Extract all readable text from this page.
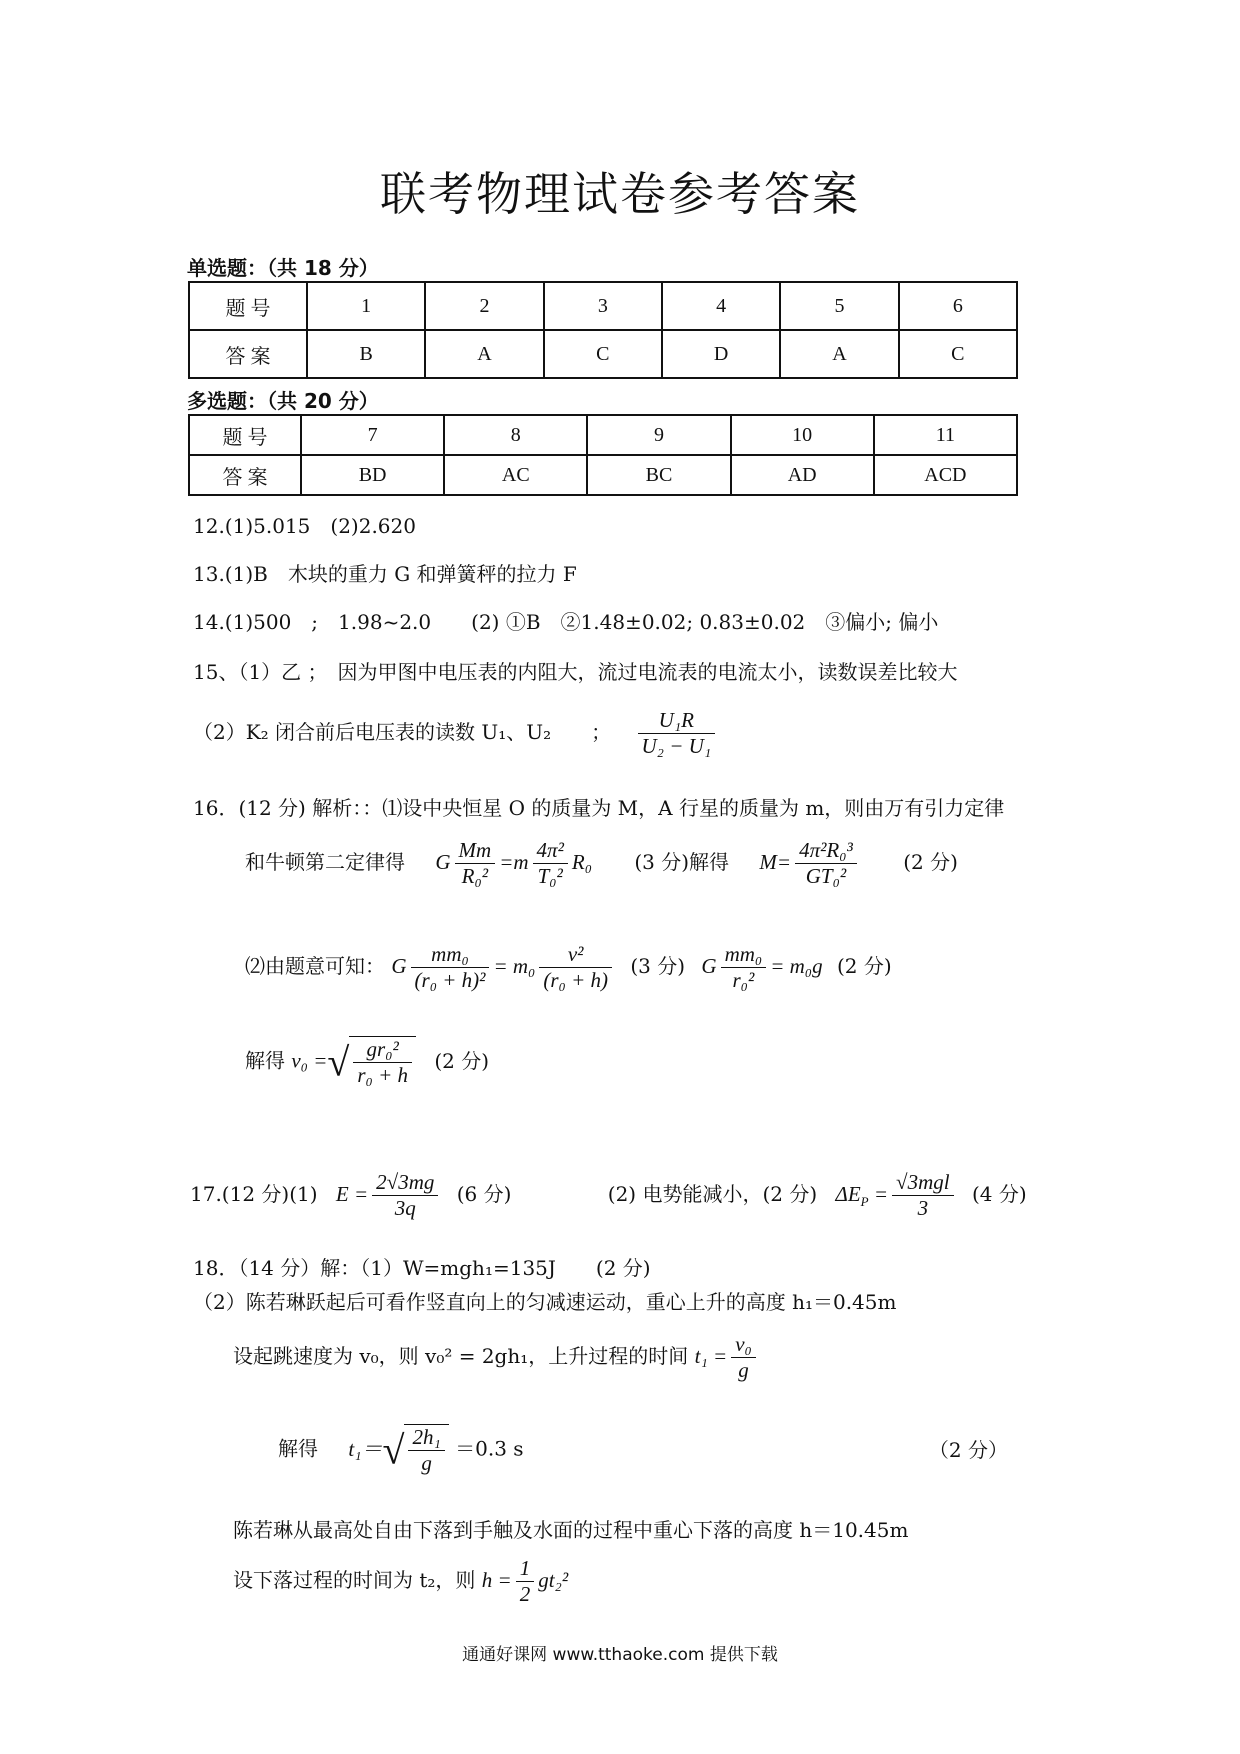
联考物理试卷参考答案
单选题：（共 18 分）
题 号	1	2	3	4	5	6
答 案	B	A	C	D	A	C
多选题：（共 20 分）
题 号	7	8	9	10	11
答 案	BD	AC	BC	AD	ACD
12.(1)5.015　(2)2.620
13.(1)B　木块的重力 G 和弹簧秤的拉力 F
14.(1)500　;　1.98~2.0　　(2) ①B　②1.48±0.02; 0.83±0.02　③偏小; 偏小
15、（1）乙 ；　因为甲图中电压表的内阻大，流过电流表的电流太小，读数误差比较大
（2）K₂ 闭合前后电压表的读数 U₁、U₂　　； $\frac{\text{U₁R}}{\text{U₂ − U₁}}$
16．(12 分) 解析：：⑴设中央恒星 O 的质量为 M，A 行星的质量为 m，则由万有引力定律
和牛顿第二定律得 G $\frac{Mm}{\text{R₀²}} =m \frac{\text{4π²}}{\text{T₀²}} R_0$ (3 分)解得 $M= \frac{\text{4π²R₀³}}{\text{GT₀²}} (2$ 分)
⑵由题意可知： G $\frac{\text{mm₀}}{\text{(r₀ + h)²}} = m_0 \frac{\text{v²}}{\text{(r₀ + h)}} (3$ 分) G $\frac{\text{mm₀}}{\text{r₀²}} = m_0g$ (2 分)
解得 v₀ =√ $\frac{\text{gr₀²}}{\text{r₀ + h}} (2$ 分)
17.(12 分)(1) $E = \frac{2√3mg}{3q} (6$ 分)	(2) 电势能减小，(2 分) $\Delta E_P = \frac{\text{√3mgl}}{3} (4$ 分)
18．（14 分）解：（1）W=mgh₁=135J　　(2 分)
（2）陈若琳跃起后可看作竖直向上的匀减速运动，重心上升的高度 h₁＝0.45m
设起跳速度为 v₀，则 v₀² = 2gh₁，上升过程的时间 $t_1 = \frac{\text{v₀}}{g}$
解得 $t_1=√ \frac{\text{2h₁}}{g} =0.3$ s	（2 分）
陈若琳从最高处自由下落到手触及水面的过程中重心下落的高度 h＝10.45m
设下落过程的时间为 t₂，则 $h = \frac{1}{2} gt_2^2$
通通好课网 www.tthaoke.com 提供下载
